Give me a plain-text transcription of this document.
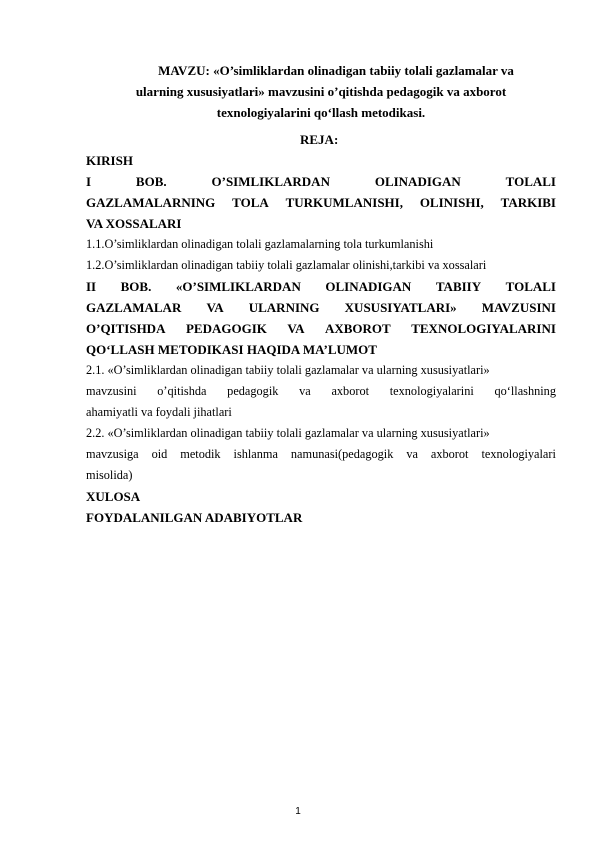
MAVZU: «O’simliklardan olinadigan tabiiy tolali gazlamalar va
ularning xususiyatlari» mavzusini o’qitishda pedagogik va axborot
texnologiyalarini qo‘llash metodikasi.
REJA:
KIRISH
I	BOB.	O’SIMLIKLARDAN	OLINADIGAN	TOLALI
GAZLAMALARNING TOLA TURKUMLANISHI, OLINISHI, TARKIBI
VA XOSSALARI
1.1.O’simliklardan olinadigan tolali gazlamalarning tola turkumlanishi
1.2.O’simliklardan olinadigan tabiiy tolali gazlamalar olinishi,tarkibi va xossalari
II BOB. «O’SIMLIKLARDAN OLINADIGAN TABIIY TOLALI
GAZLAMALAR VA ULARNING XUSUSIYATLARI» MAVZUSINI
O’QITISHDA PEDAGOGIK VA AXBOROT TEXNOLOGIYALARINI
QO‘LLASH METODIKASI HAQIDA MA’LUMOT
2.1. «O’simliklardan olinadigan tabiiy tolali gazlamalar va ularning xususiyatlari»
mavzusini o’qitishda pedagogik va axborot texnologiyalarini qo‘llashning
ahamiyatli va foydali jihatlari
2.2. «O’simliklardan olinadigan tabiiy tolali gazlamalar va ularning xususiyatlari»
mavzusiga oid metodik ishlanma namunasi(pedagogik va axborot texnologiyalari
misolida)
XULOSA
FOYDALANILGAN ADABIYOTLAR
1
